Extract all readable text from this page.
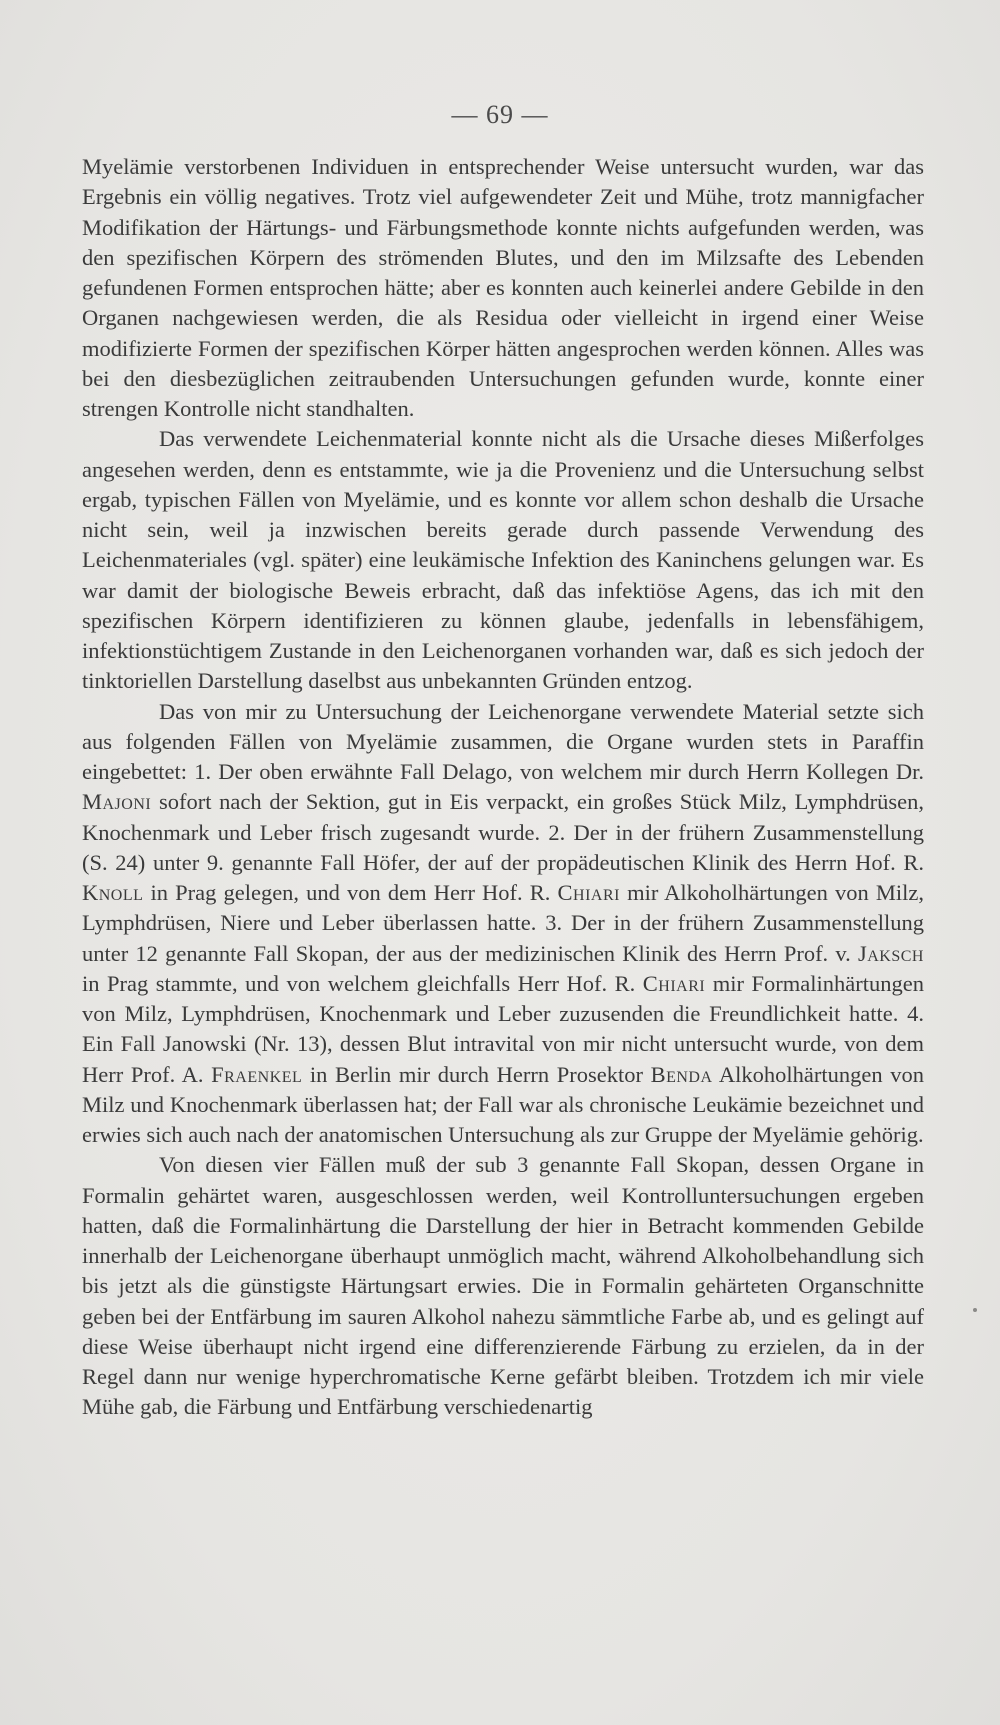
— 69 —

Myelämie verstorbenen Individuen in entsprechender Weise untersucht wurden, war das Ergebnis ein völlig negatives. Trotz viel aufgewendeter Zeit und Mühe, trotz mannigfacher Modifikation der Härtungs- und Färbungsmethode konnte nichts aufgefunden werden, was den spezifischen Körpern des strömenden Blutes, und den im Milzsafte des Lebenden gefundenen Formen entsprochen hätte; aber es konnten auch keinerlei andere Gebilde in den Organen nachgewiesen werden, die als Residua oder vielleicht in irgend einer Weise modifizierte Formen der spezifischen Körper hätten angesprochen werden können. Alles was bei den diesbezüglichen zeitraubenden Untersuchungen gefunden wurde, konnte einer strengen Kontrolle nicht standhalten.

Das verwendete Leichenmaterial konnte nicht als die Ursache dieses Mißerfolges angesehen werden, denn es entstammte, wie ja die Provenienz und die Untersuchung selbst ergab, typischen Fällen von Myelämie, und es konnte vor allem schon deshalb die Ursache nicht sein, weil ja inzwischen bereits gerade durch passende Verwendung des Leichenmateriales (vgl. später) eine leukämische Infektion des Kaninchens gelungen war. Es war damit der biologische Beweis erbracht, daß das infektiöse Agens, das ich mit den spezifischen Körpern identifizieren zu können glaube, jedenfalls in lebensfähigem, infektionstüchtigem Zustande in den Leichenorganen vorhanden war, daß es sich jedoch der tinktoriellen Darstellung daselbst aus unbekannten Gründen entzog.

Das von mir zu Untersuchung der Leichenorgane verwendete Material setzte sich aus folgenden Fällen von Myelämie zusammen, die Organe wurden stets in Paraffin eingebettet: 1. Der oben erwähnte Fall Delago, von welchem mir durch Herrn Kollegen Dr. Majoni sofort nach der Sektion, gut in Eis verpackt, ein großes Stück Milz, Lymphdrüsen, Knochenmark und Leber frisch zugesandt wurde. 2. Der in der frühern Zusammenstellung (S. 24) unter 9. genannte Fall Höfer, der auf der propädeutischen Klinik des Herrn Hof. R. Knoll in Prag gelegen, und von dem Herr Hof. R. Chiari mir Alkoholhärtungen von Milz, Lymphdrüsen, Niere und Leber überlassen hatte. 3. Der in der frühern Zusammenstellung unter 12 genannte Fall Skopan, der aus der medizinischen Klinik des Herrn Prof. v. Jaksch in Prag stammte, und von welchem gleichfalls Herr Hof. R. Chiari mir Formalinhärtungen von Milz, Lymphdrüsen, Knochenmark und Leber zuzusenden die Freundlichkeit hatte. 4. Ein Fall Janowski (Nr. 13), dessen Blut intravital von mir nicht untersucht wurde, von dem Herr Prof. A. Fraenkel in Berlin mir durch Herrn Prosektor Benda Alkoholhärtungen von Milz und Knochenmark überlassen hat; der Fall war als chronische Leukämie bezeichnet und erwies sich auch nach der anatomischen Untersuchung als zur Gruppe der Myelämie gehörig.

Von diesen vier Fällen muß der sub 3 genannte Fall Skopan, dessen Organe in Formalin gehärtet waren, ausgeschlossen werden, weil Kontrolluntersuchungen ergeben hatten, daß die Formalinhärtung die Darstellung der hier in Betracht kommenden Gebilde innerhalb der Leichenorgane überhaupt unmöglich macht, während Alkoholbehandlung sich bis jetzt als die günstigste Härtungsart erwies. Die in Formalin gehärteten Organschnitte geben bei der Entfärbung im sauren Alkohol nahezu sämmtliche Farbe ab, und es gelingt auf diese Weise überhaupt nicht irgend eine differenzierende Färbung zu erzielen, da in der Regel dann nur wenige hyperchromatische Kerne gefärbt bleiben. Trotzdem ich mir viele Mühe gab, die Färbung und Entfärbung verschiedenartig
